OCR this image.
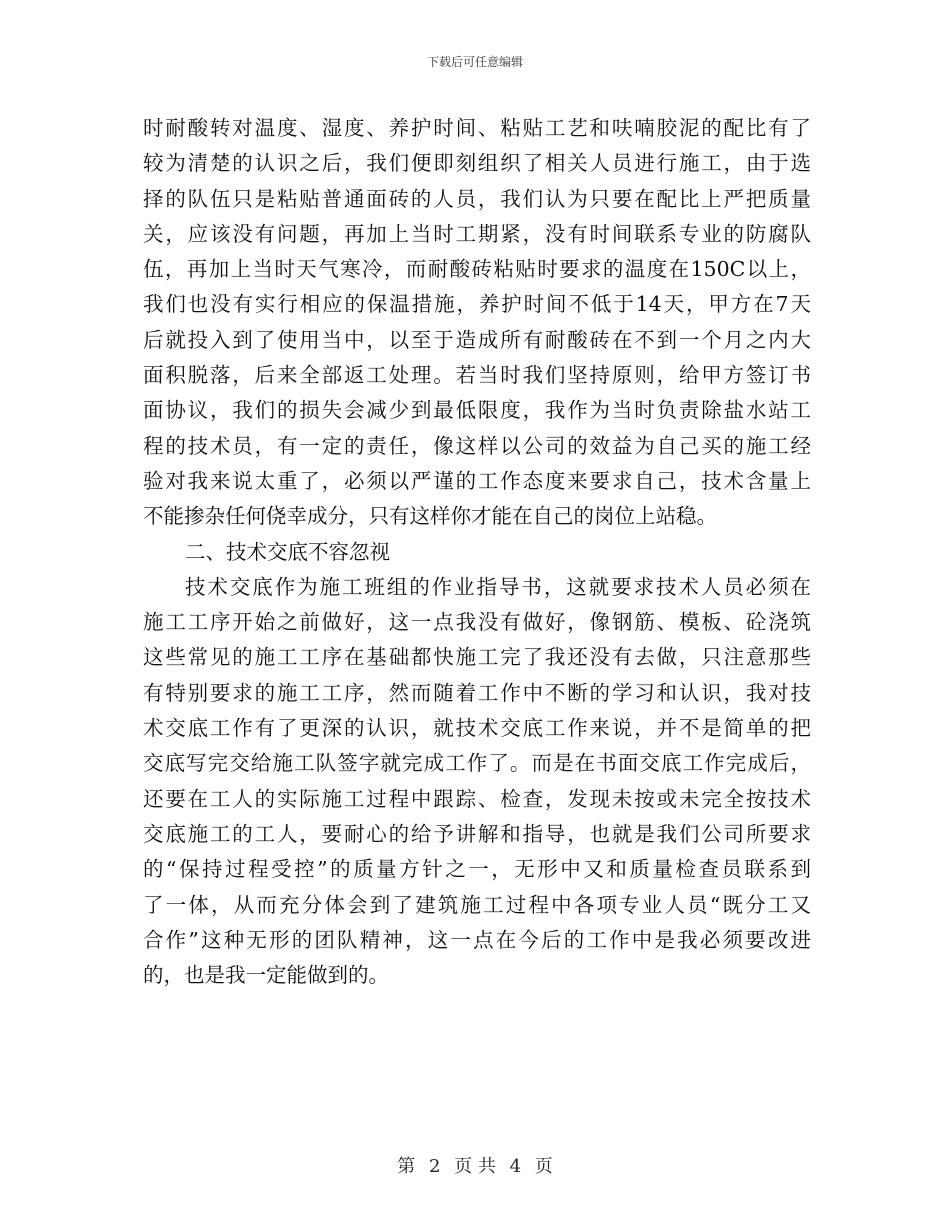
下载后可任意编辑
时耐酸转对温度、湿度、养护时间、粘贴工艺和呋喃胶泥的配比有了
较为清楚的认识之后，我们便即刻组织了相关人员进行施工，由于选
择的队伍只是粘贴普通面砖的人员，我们认为只要在配比上严把质量
关，应该没有问题，再加上当时工期紧，没有时间联系专业的防腐队
伍，再加上当时天气寒冷，而耐酸砖粘贴时要求的温度在150C以上，
我们也没有实行相应的保温措施，养护时间不低于14天，甲方在7天
后就投入到了使用当中，以至于造成所有耐酸砖在不到一个月之内大
面积脱落，后来全部返工处理。若当时我们坚持原则，给甲方签订书
面协议，我们的损失会减少到最低限度，我作为当时负责除盐水站工
程的技术员，有一定的责任，像这样以公司的效益为自己买的施工经
验对我来说太重了，必须以严谨的工作态度来要求自己，技术含量上
不能掺杂任何侥幸成分，只有这样你才能在自己的岗位上站稳。
二、技术交底不容忽视
技术交底作为施工班组的作业指导书，这就要求技术人员必须在
施工工序开始之前做好，这一点我没有做好，像钢筋、模板、砼浇筑
这些常见的施工工序在基础都快施工完了我还没有去做，只注意那些
有特别要求的施工工序，然而随着工作中不断的学习和认识，我对技
术交底工作有了更深的认识，就技术交底工作来说，并不是简单的把
交底写完交给施工队签字就完成工作了。而是在书面交底工作完成后，
还要在工人的实际施工过程中跟踪、检查，发现未按或未完全按技术
交底施工的工人，要耐心的给予讲解和指导，也就是我们公司所要求
的“保持过程受控”的质量方针之一，无形中又和质量检查员联系到
了一体，从而充分体会到了建筑施工过程中各项专业人员“既分工又
合作”这种无形的团队精神，这一点在今后的工作中是我必须要改进
的，也是我一定能做到的。
第 2 页 共 4 页
